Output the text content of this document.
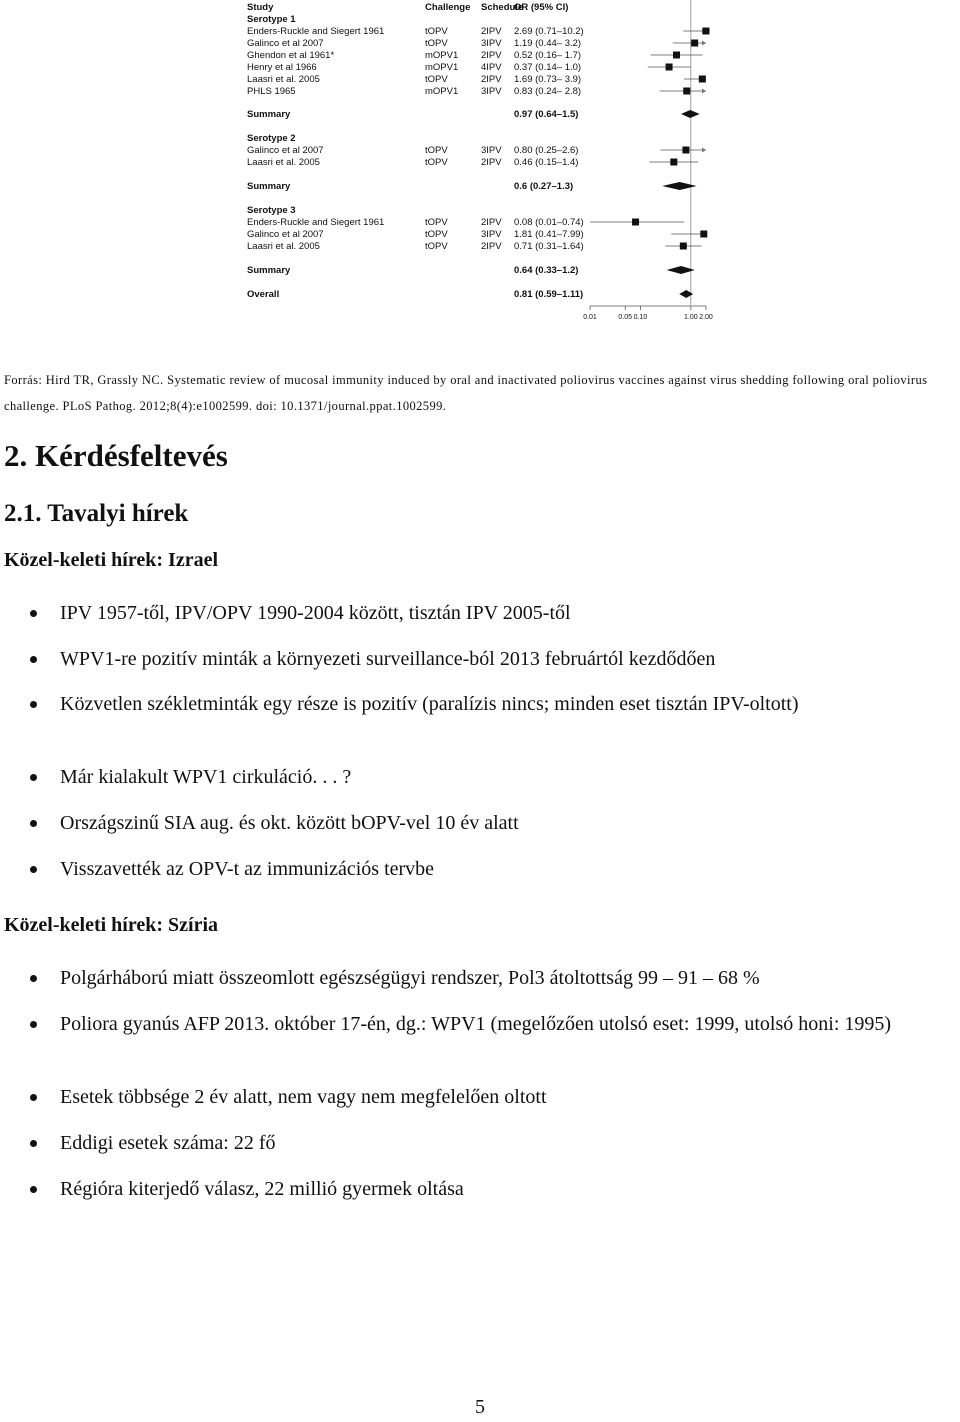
Study	Challenge Schedule
OR (95% CI)
Serotype 1
Enders-Ruckle and Siegert 1961	tOPV	2IPV 2.69 (0.71–10.2)
Galinco et al 2007	tOPV	3IPV 1.19 (0.44– 3.2)
Ghendon et al 1961*	mOPV1 2IPV 0.52 (0.16– 1.7)
Henry et al 1966	mOPV1 4IPV 0.37 (0.14– 1.0)
Laasri et al. 2005	tOPV	2IPV 1.69 (0.73– 3.9)
PHLS 1965	mOPV1 3IPV 0.83 (0.24– 2.8)
Summary	0.97 (0.64–1.5)
Serotype 2
Galinco et al 2007	tOPV	3IPV 0.80 (0.25–2.6)
Laasri et al. 2005	tOPV	2IPV 0.46 (0.15–1.4)
Summary	0.6 (0.27–1.3)
Serotype 3
Enders-Ruckle and Siegert 1961	tOPV	2IPV 0.08 (0.01–0.74)
Galinco et al 2007	tOPV	3IPV 1.81 (0.41–7.99)
Laasri et al. 2005	tOPV	2IPV 0.71 (0.31–1.64)
Summary	0.64 (0.33–1.2)
Overall	0.81 (0.59–1.11)
0.01	0.05 0.10	1.00 2.00

Forrás: Hird TR, Grassly NC. Systematic review of mucosal immunity induced by oral and inactivated poliovirus vaccines against virus shedding following oral poliovirus challenge. PLoS Pathog. 2012;8(4):e1002599. doi: 10.1371/journal.ppat.1002599.

2. Kérdésfeltevés
2.1. Tavalyi hírek
Közel-keleti hírek: Izrael

IPV 1957-től, IPV/OPV 1990-2004 között, tisztán IPV 2005-től

WPV1-re pozitív minták a környezeti surveillance-ból 2013 februártól kezdődően

Közvetlen székletminták egy része is pozitív (paralízis nincs; minden eset tisztán IPV-oltott)

Már kialakult WPV1 cirkuláció. . . ?

Országszinű SIA aug. és okt. között bOPV-vel 10 év alatt

Visszavették az OPV-t az immunizációs tervbe

Közel-keleti hírek: Szíria

Polgárháború miatt összeomlott egészségügyi rendszer, Pol3 átoltottság 99 – 91 – 68 %

Poliora gyanús AFP 2013. október 17-én, dg.: WPV1 (megelőzően utolsó eset: 1999, utolsó honi: 1995)

Esetek többsége 2 év alatt, nem vagy nem megfelelően oltott

Eddigi esetek száma: 22 fő

Régióra kiterjedő válasz, 22 millió gyermek oltása

5
